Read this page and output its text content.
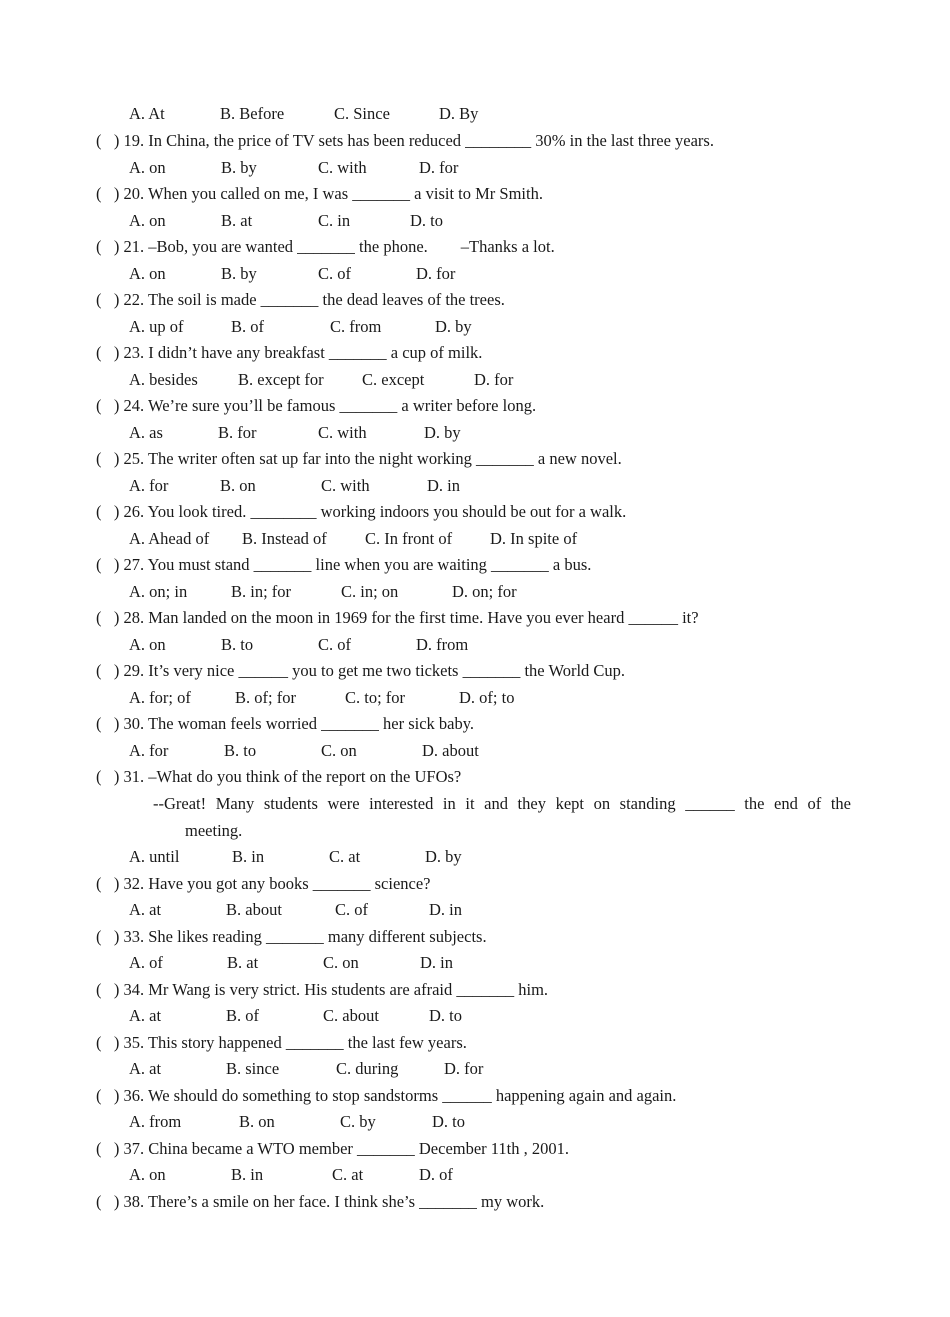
A. At	B. Before	C. Since	D. By
(   ) 19. In China, the price of TV sets has been reduced ________ 30% in the last three years.
A. on	B. by	C. with	D. for
(   ) 20. When you called on me, I was _______ a visit to Mr Smith.
A. on	B. at	C. in	D. to
(   ) 21. –Bob, you are wanted _______ the phone.        –Thanks a lot.
A. on	B. by	C. of	D. for
(   ) 22. The soil is made _______ the dead leaves of the trees.
A. up of	B. of	C. from	D. by
(   ) 23. I didn’t have any breakfast _______ a cup of milk.
A. besides	B. except for	C. except	D. for
(   ) 24. We’re sure you’ll be famous _______ a writer before long.
A. as	B. for	C. with	D. by
(   ) 25. The writer often sat up far into the night working _______ a new novel.
A. for	B. on	C. with	D. in
(   ) 26. You look tired. ________ working indoors you should be out for a walk.
A. Ahead of	B. Instead of	C. In front of	D. In spite of
(   ) 27. You must stand _______ line when you are waiting _______ a bus.
A. on; in	B. in; for	C. in; on	D. on; for
(   ) 28. Man landed on the moon in 1969 for the first time. Have you ever heard ______ it?
A. on	B. to	C. of	D. from
(   ) 29. It’s very nice ______ you to get me two tickets _______ the World Cup.
A. for; of	B. of; for	C. to; for	D. of; to
(   ) 30. The woman feels worried _______ her sick baby.
A. for	B. to	C. on	D. about
(   ) 31. –What do you think of the report on the UFOs?
--Great! Many students were interested in it and they kept on standing ______ the end of the
meeting.
A. until	B. in	C. at	D. by
(   ) 32. Have you got any books _______ science?
A. at	B. about	C. of	D. in
(   ) 33. She likes reading _______ many different subjects.
A. of	B. at	C. on	D. in
(   ) 34. Mr Wang is very strict. His students are afraid _______ him.
A. at	B. of	C. about	D. to
(   ) 35. This story happened _______ the last few years.
A. at	B. since	C. during	D. for
(   ) 36. We should do something to stop sandstorms ______ happening again and again.
A. from	B. on	C. by	D. to
(   ) 37. China became a WTO member _______ December 11th , 2001.
A. on	B. in	C. at	D. of
(   ) 38. There’s a smile on her face. I think she’s _______ my work.
